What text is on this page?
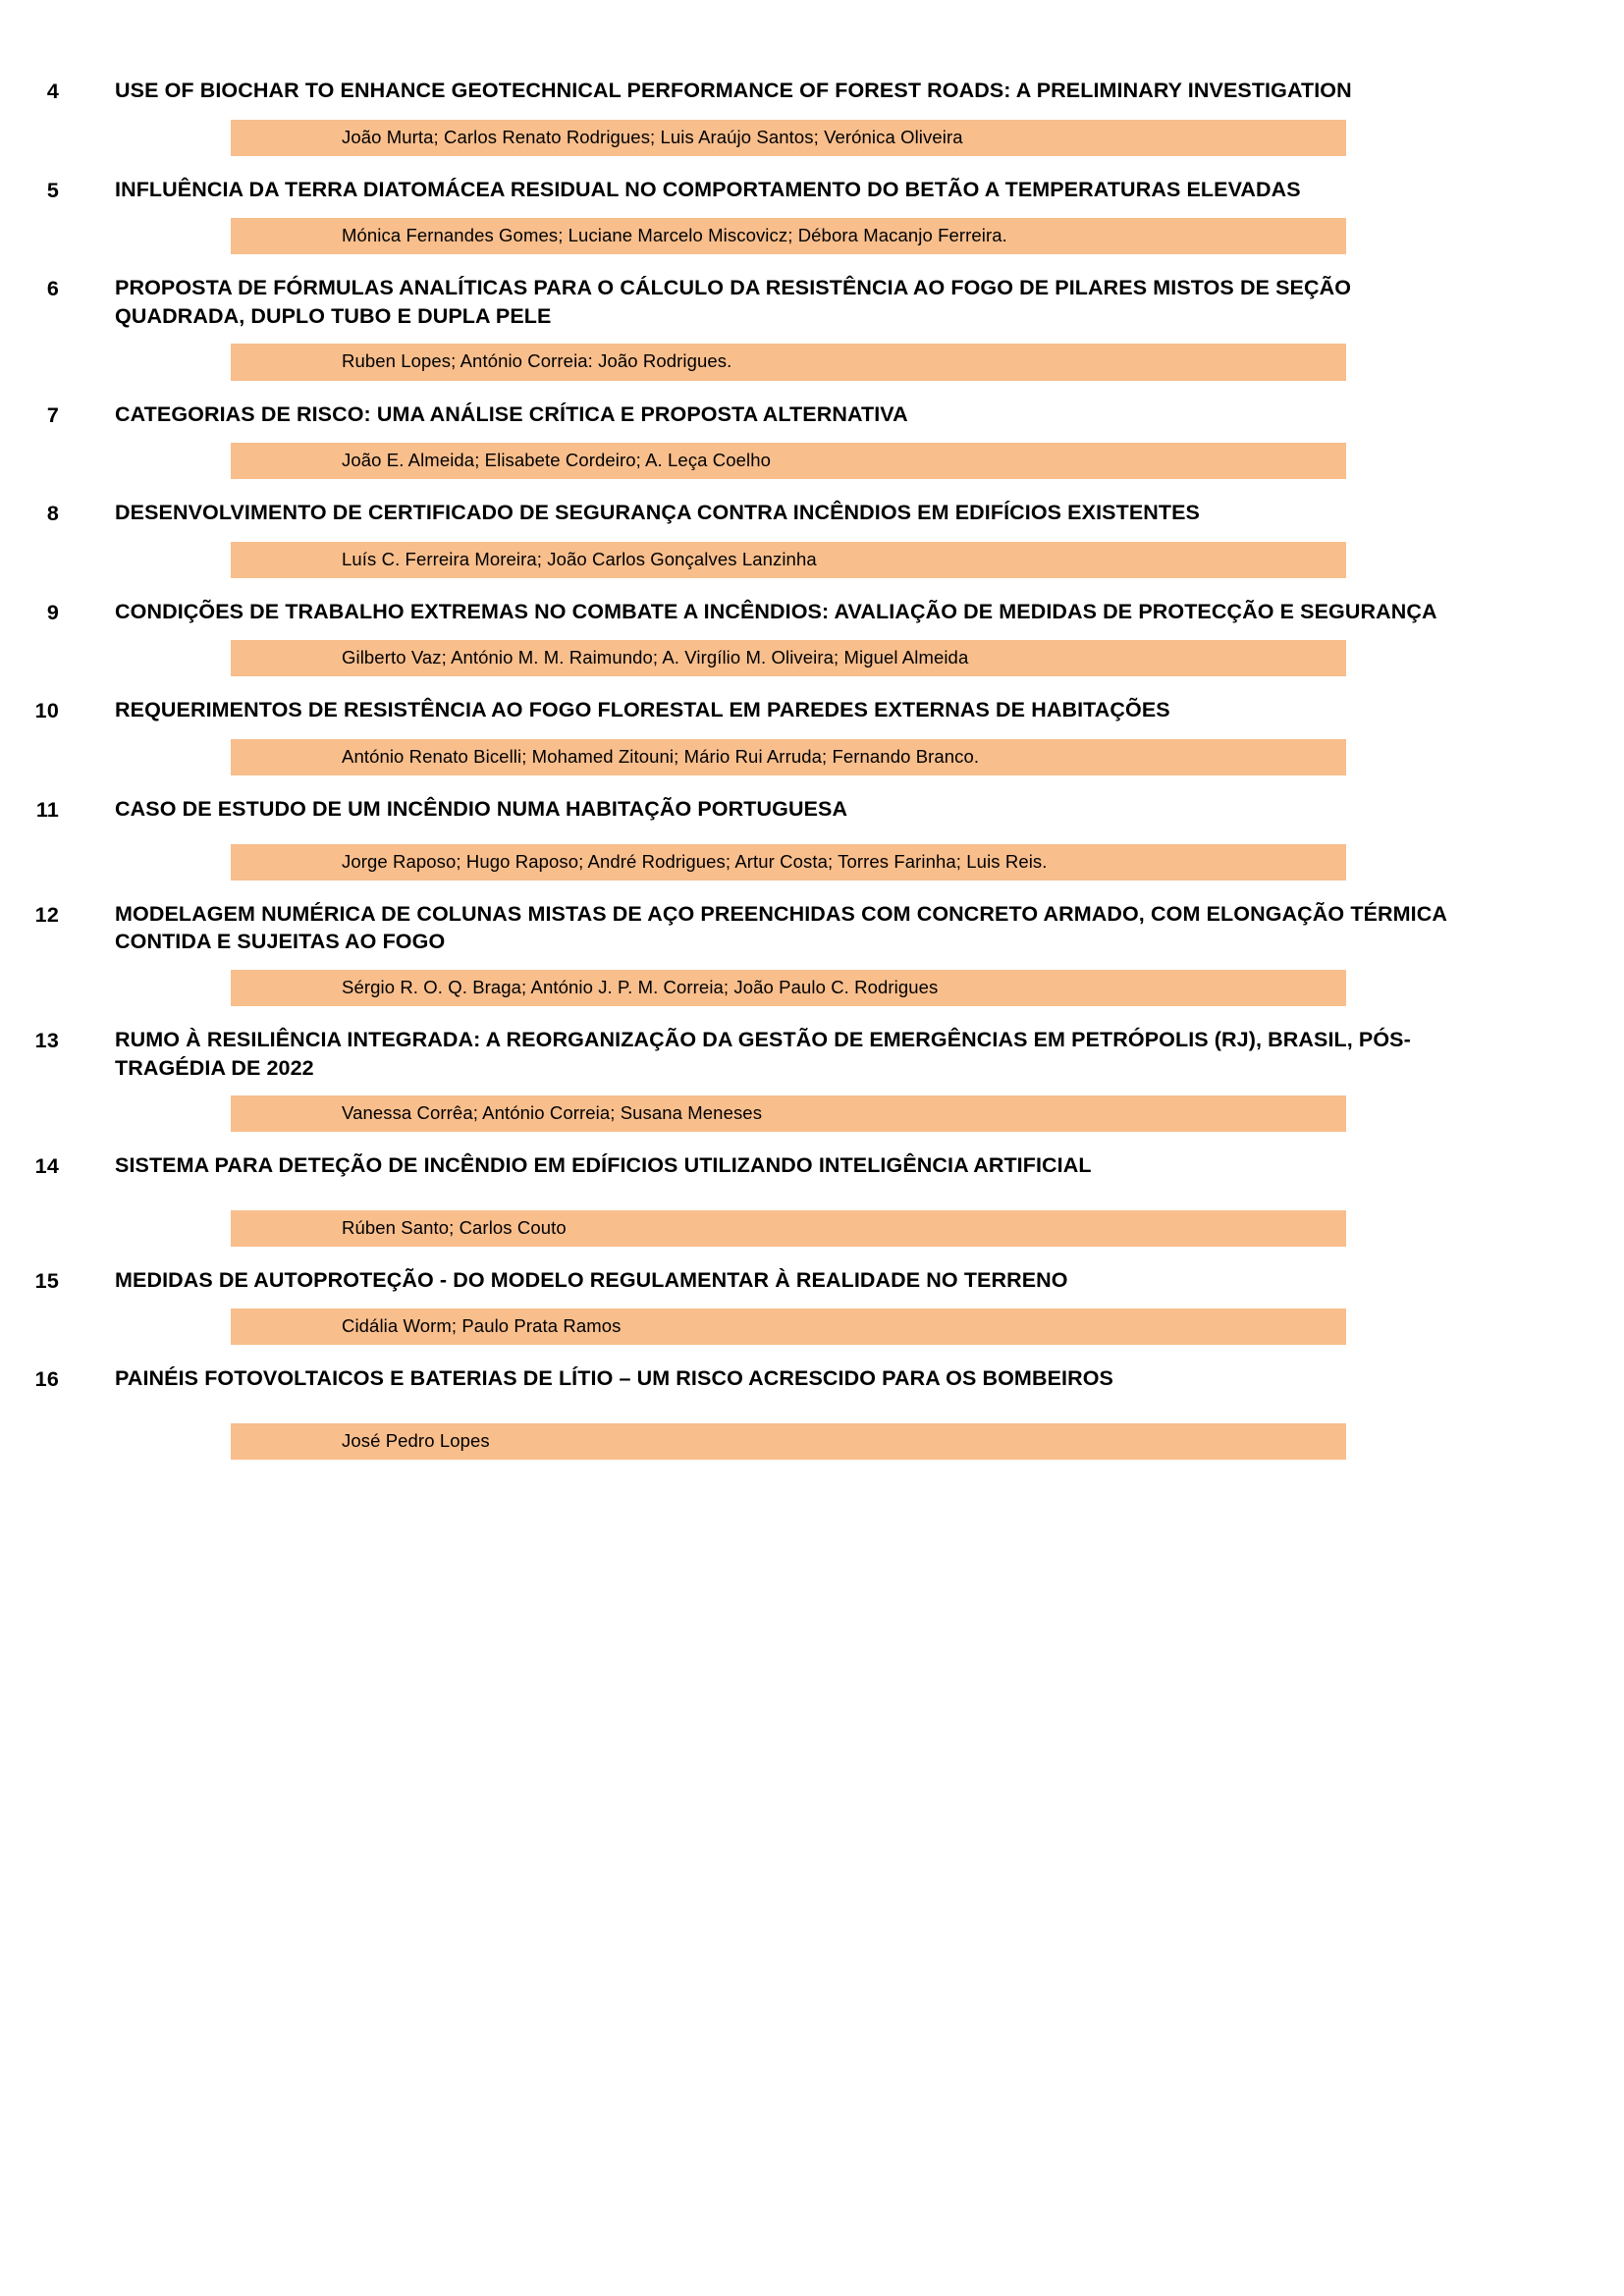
4	USE OF BIOCHAR TO ENHANCE GEOTECHNICAL PERFORMANCE OF FOREST ROADS: A PRELIMINARY INVESTIGATION
João Murta; Carlos Renato Rodrigues; Luis Araújo Santos; Verónica Oliveira
5	INFLUÊNCIA DA TERRA DIATOMÁCEA RESIDUAL NO COMPORTAMENTO DO BETÃO A TEMPERATURAS ELEVADAS
Mónica Fernandes Gomes; Luciane Marcelo Miscovicz; Débora Macanjo Ferreira.
6	PROPOSTA DE FÓRMULAS ANALÍTICAS PARA O CÁLCULO DA RESISTÊNCIA AO FOGO DE PILARES MISTOS DE SEÇÃO QUADRADA, DUPLO TUBO E DUPLA PELE
Ruben Lopes; António Correia: João Rodrigues.
7	CATEGORIAS DE RISCO: UMA ANÁLISE CRÍTICA E PROPOSTA ALTERNATIVA
João E. Almeida; Elisabete Cordeiro; A. Leça Coelho
8	DESENVOLVIMENTO DE CERTIFICADO DE SEGURANÇA CONTRA INCÊNDIOS EM EDIFÍCIOS EXISTENTES
Luís C. Ferreira Moreira; João Carlos Gonçalves Lanzinha
9	CONDIÇÕES DE TRABALHO EXTREMAS NO COMBATE A INCÊNDIOS: AVALIAÇÃO DE MEDIDAS DE PROTECÇÃO E SEGURANÇA
Gilberto Vaz; António M. M. Raimundo; A. Virgílio M. Oliveira; Miguel Almeida
10	REQUERIMENTOS DE RESISTÊNCIA AO FOGO FLORESTAL EM PAREDES EXTERNAS DE HABITAÇÕES
António Renato Bicelli; Mohamed Zitouni; Mário Rui Arruda; Fernando Branco.
11	CASO DE ESTUDO DE UM INCÊNDIO NUMA HABITAÇÃO PORTUGUESA
Jorge Raposo; Hugo Raposo; André Rodrigues; Artur Costa; Torres Farinha; Luis Reis.
12	MODELAGEM NUMÉRICA DE COLUNAS MISTAS DE AÇO PREENCHIDAS COM CONCRETO ARMADO, COM ELONGAÇÃO TÉRMICA CONTIDA E SUJEITAS AO FOGO
Sérgio R. O. Q. Braga; António J. P. M. Correia; João Paulo C. Rodrigues
13	RUMO À RESILIÊNCIA INTEGRADA: A REORGANIZAÇÃO DA GESTÃO DE EMERGÊNCIAS EM PETRÓPOLIS (RJ), BRASIL, PÓS-TRAGÉDIA DE 2022
Vanessa Corrêa; António Correia; Susana Meneses
14	SISTEMA PARA DETEÇÃO DE INCÊNDIO EM EDÍFICIOS UTILIZANDO INTELIGÊNCIA ARTIFICIAL
Rúben Santo; Carlos Couto
15	MEDIDAS DE AUTOPROTEÇÃO - DO MODELO REGULAMENTAR À REALIDADE NO TERRENO
Cidália Worm; Paulo Prata Ramos
16	PAINÉIS FOTOVOLTAICOS E BATERIAS DE LÍTIO – UM RISCO ACRESCIDO PARA OS BOMBEIROS
José Pedro Lopes
